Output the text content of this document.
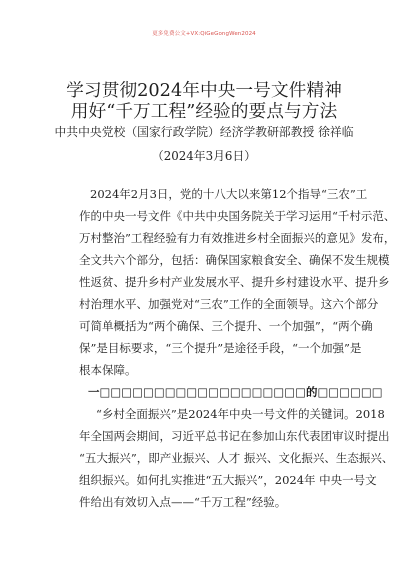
更多免费公文+VX:QiGeGongWen2024
学习贯彻2024年中央一号文件精神
用好“千万工程”经验的要点与方法
中共中央党校（国家行政学院）经济学教研部教授 徐祥临
（2024年3月6日）
2024年2月3日，党的十八大以来第12个指导“三农”工
作的中央一号文件《中共中央国务院关于学习运用“千村示范、
万村整治”工程经验有力有效推进乡村全面振兴的意见》发布，
全文共六个部分，包括：确保国家粮食安全、确保不发生规模
性返贫、提升乡村产业发展水平、提升乡村建设水平、提升乡
村治理水平、加强党对“三农”工作的全面领导。这六个部分
可简单概括为“两个确保、三个提升、一个加强”，“两个确
保”是目标要求，“三个提升”是途径手段，“一个加强”是
根本保障。
一□□□□□□□□□□□□□□□□□□□的□□□□□□
“乡村全面振兴”是2024年中央一号文件的关键词。2018
年全国两会期间，习近平总书记在参加山东代表团审议时提出
“五大振兴”，即产业振兴、人才 振兴、文化振兴、生态振兴、
组织振兴。如何扎实推进“五大振兴”，2024年 中央一号文
件给出有效切入点——“千万工程”经验。
